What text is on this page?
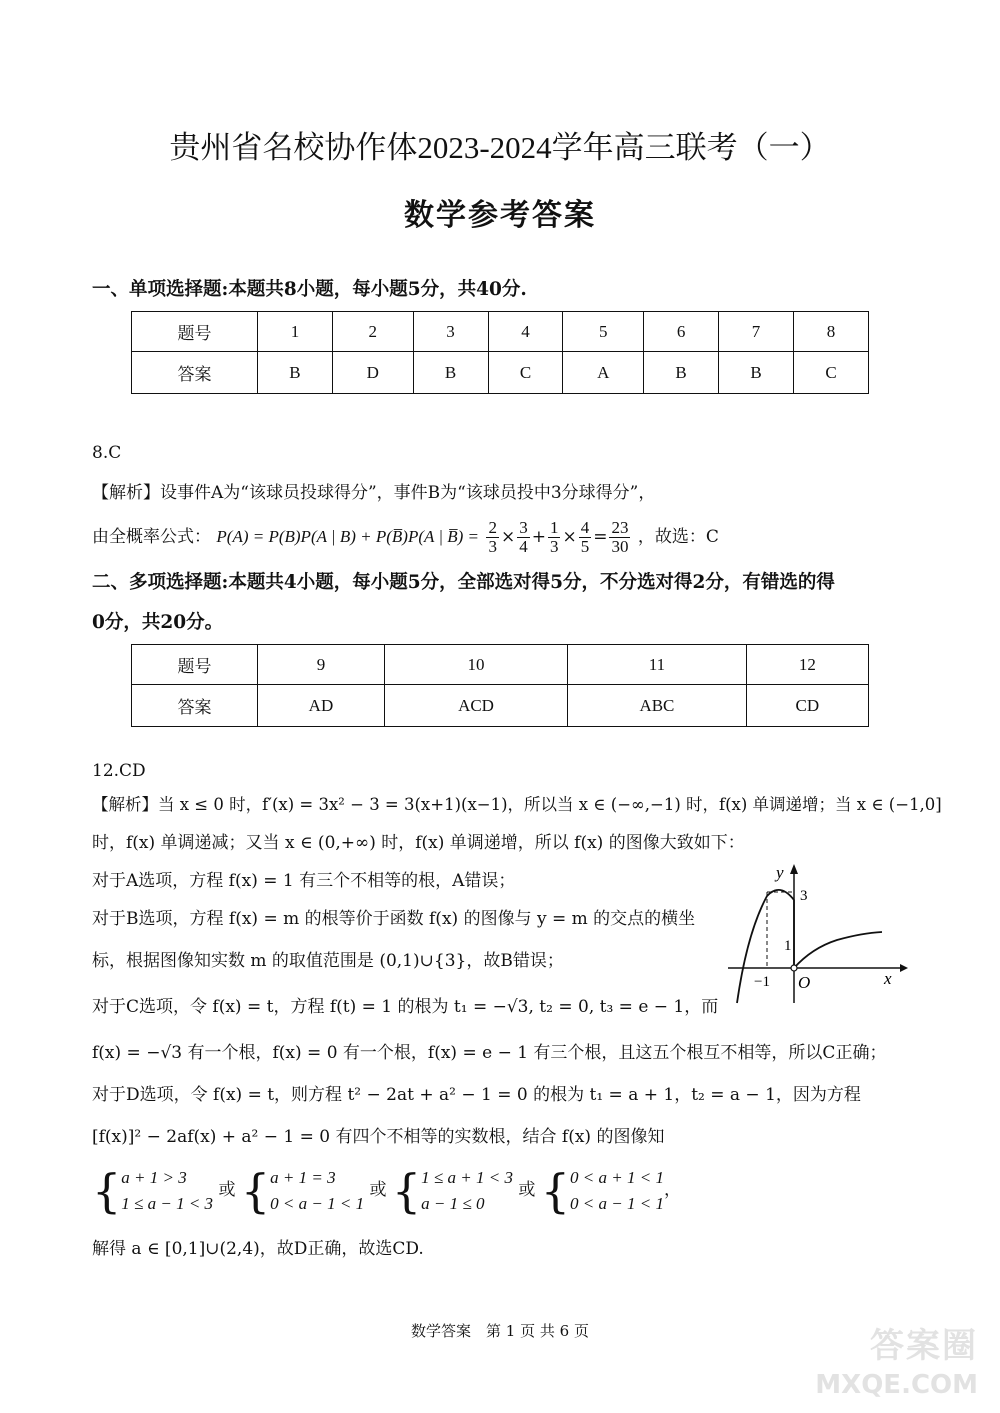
贵州省名校协作体2023-2024学年高三联考（一）
数学参考答案
一、单项选择题:本题共8小题，每小题5分，共40分.
题号	1	2	3	4	5	6	7	8
答案	B	D	B	C	A	B	B	C
8.C
【解析】设事件A为“该球员投球得分”，事件B为“该球员投中3分球得分”，
由全概率公式： P(A) = P(B)P(A | B) + P(B̅)P(A | B̅) = $\frac{2}{3} \times \frac{3}{4} + \frac{1}{3} \times \frac{4}{5} = \frac{23}{30}$ ，故选：C
二、多项选择题:本题共4小题，每小题5分，全部选对得5分，不分选对得2分，有错选的得
0分，共20分。
题号	9	10	11	12
答案	AD	ACD	ABC	CD
12.CD
【解析】当 x ≤ 0 时，f′(x) = 3x² − 3 = 3(x+1)(x−1)，所以当 x ∈ (−∞,−1) 时，f(x) 单调递增；当 x ∈ (−1,0]
时，f(x) 单调递减；又当 x ∈ (0,+∞) 时，f(x) 单调递增，所以 f(x) 的图像大致如下：
对于A选项，方程 f(x) = 1 有三个不相等的根，A错误；
对于B选项，方程 f(x) = m 的根等价于函数 f(x) 的图像与 y = m 的交点的横坐
标，根据图像知实数 m 的取值范围是 (0,1)∪{3}，故B错误；
对于C选项，令 f(x) = t，方程 f(t) = 1 的根为 t₁ = −√3, t₂ = 0, t₃ = e − 1，而
f(x) = −√3 有一个根，f(x) = 0 有一个根，f(x) = e − 1 有三个根，且这五个根互不相等，所以C正确；
对于D选项，令 f(x) = t，则方程 t² − 2at + a² − 1 = 0 的根为 t₁ = a + 1，t₂ = a − 1，因为方程
[f(x)]² − 2af(x) + a² − 1 = 0 有四个不相等的实数根，结合 f(x) 的图像知
{ a + 1 > 3
1 ≤ a − 1 < 3
或 { a + 1 = 3
0 < a − 1 < 1
或 { 1 ≤ a + 1 < 3
a − 1 ≤ 0
或 { 0 < a + 1 < 1
0 < a − 1 < 1
，
解得 a ∈ [0,1]∪(2,4)，故D正确，故选CD.
y
3
1
−1 O	x
数学答案　第 1 页 共 6 页	答案圈
MXQE.COM
